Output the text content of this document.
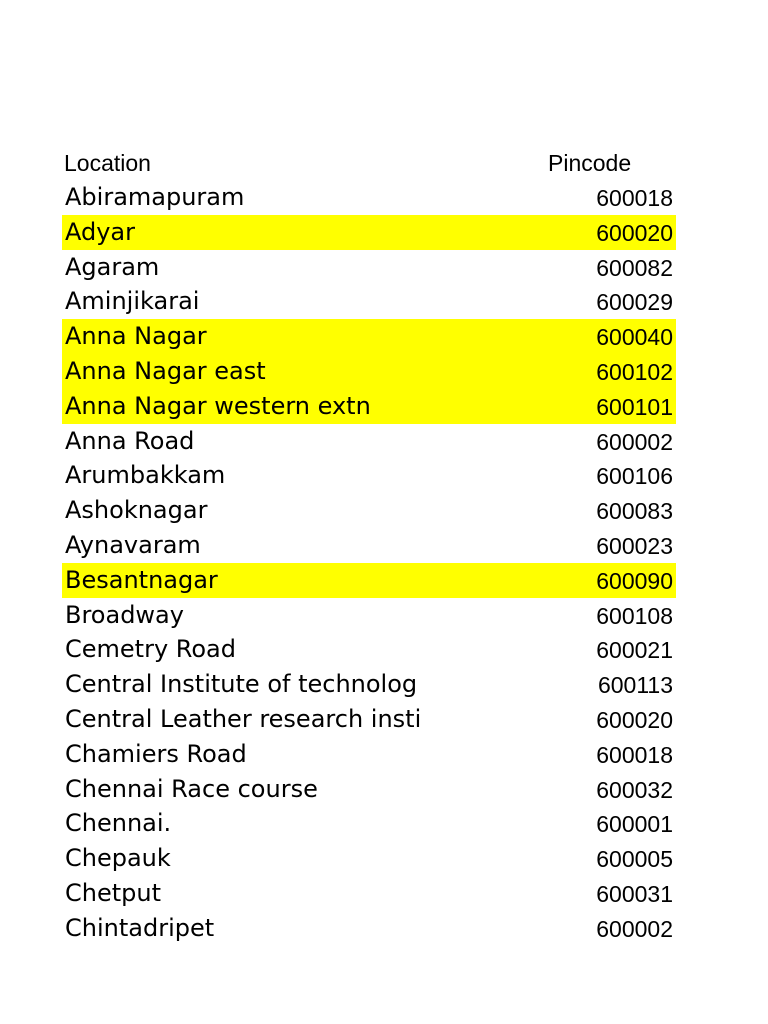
Location	Pincode
Abiramapuram	600018
Adyar	600020
Agaram	600082
Aminjikarai	600029
Anna Nagar	600040
Anna Nagar east	600102
Anna Nagar western extn	600101
Anna Road	600002
Arumbakkam	600106
Ashoknagar	600083
Aynavaram	600023
Besantnagar	600090
Broadway	600108
Cemetry Road	600021
Central Institute of technolog	600113
Central Leather research insti	600020
Chamiers Road	600018
Chennai Race course	600032
Chennai.	600001
Chepauk	600005
Chetput	600031
Chintadripet	600002
